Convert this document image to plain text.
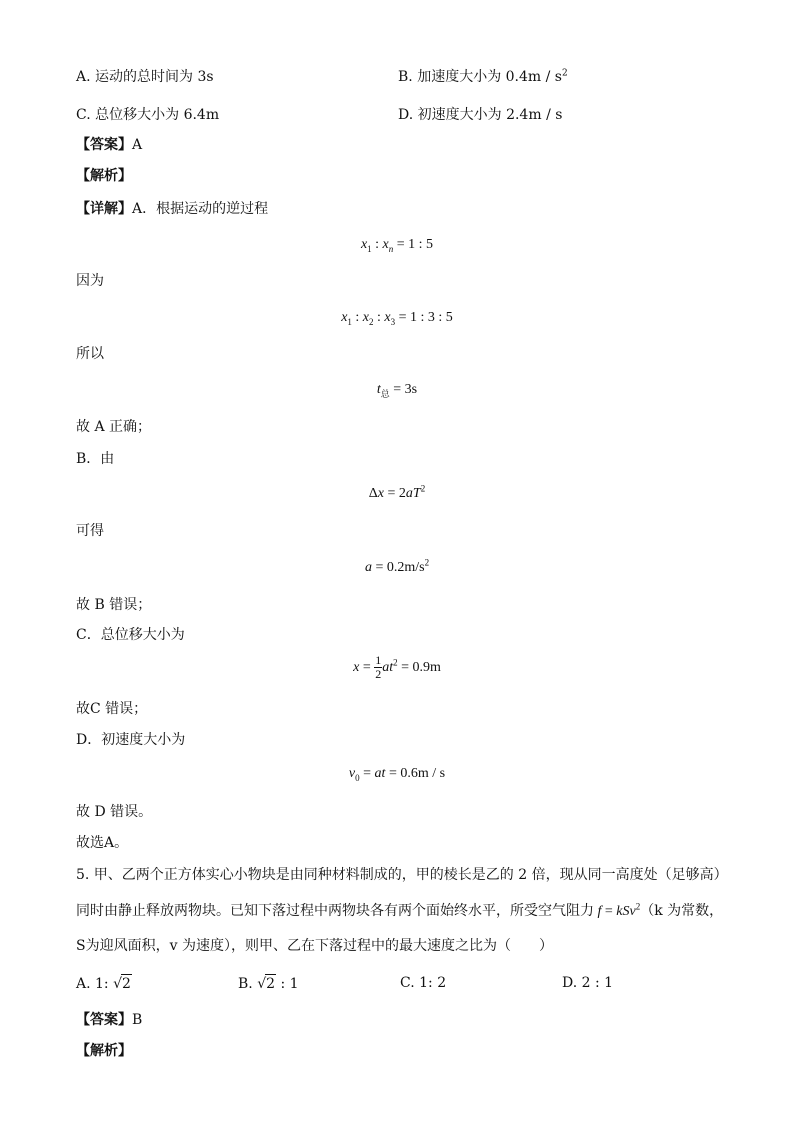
A. 运动的总时间为 3s	B. 加速度大小为 $0.4m / s^2$
C. 总位移大小为 6.4m	D. 初速度大小为 2.4m / s
【答案】A
【解析】
【详解】A．根据运动的逆过程
$x_1$ : $x_n = 1$ : 5
因为
$x_1$ : $x_2$ : $x_3 = 1$ : 3 : 5
所以
$t_总 = 3s$
故 A 正确；
B．由
$\Delta x = 2aT^2$
可得
$a = 0.2m/s^2$
故 B 错误；
C．总位移大小为
$x = \frac{1}{2} at^2 = 0.9m$
故C 错误；
D．初速度大小为
$v_0$ = at = 0.6m / s
故 D 错误。
故选A。
5. 甲、乙两个正方体实心小物块是由同种材料制成的，甲的棱长是乙的 2 倍，现从同一高度处（足够高）
同时由静止释放两物块。已知下落过程中两物块各有两个面始终水平，所受空气阻力 f = kSv$^2$（k 为常数，
S为迎风面积，v 为速度），则甲、乙在下落过程中的最大速度之比为（　　）
A. 1: √2	B. √2 : 1	C. 1: 2	D. 2 : 1
【答案】B
【解析】
